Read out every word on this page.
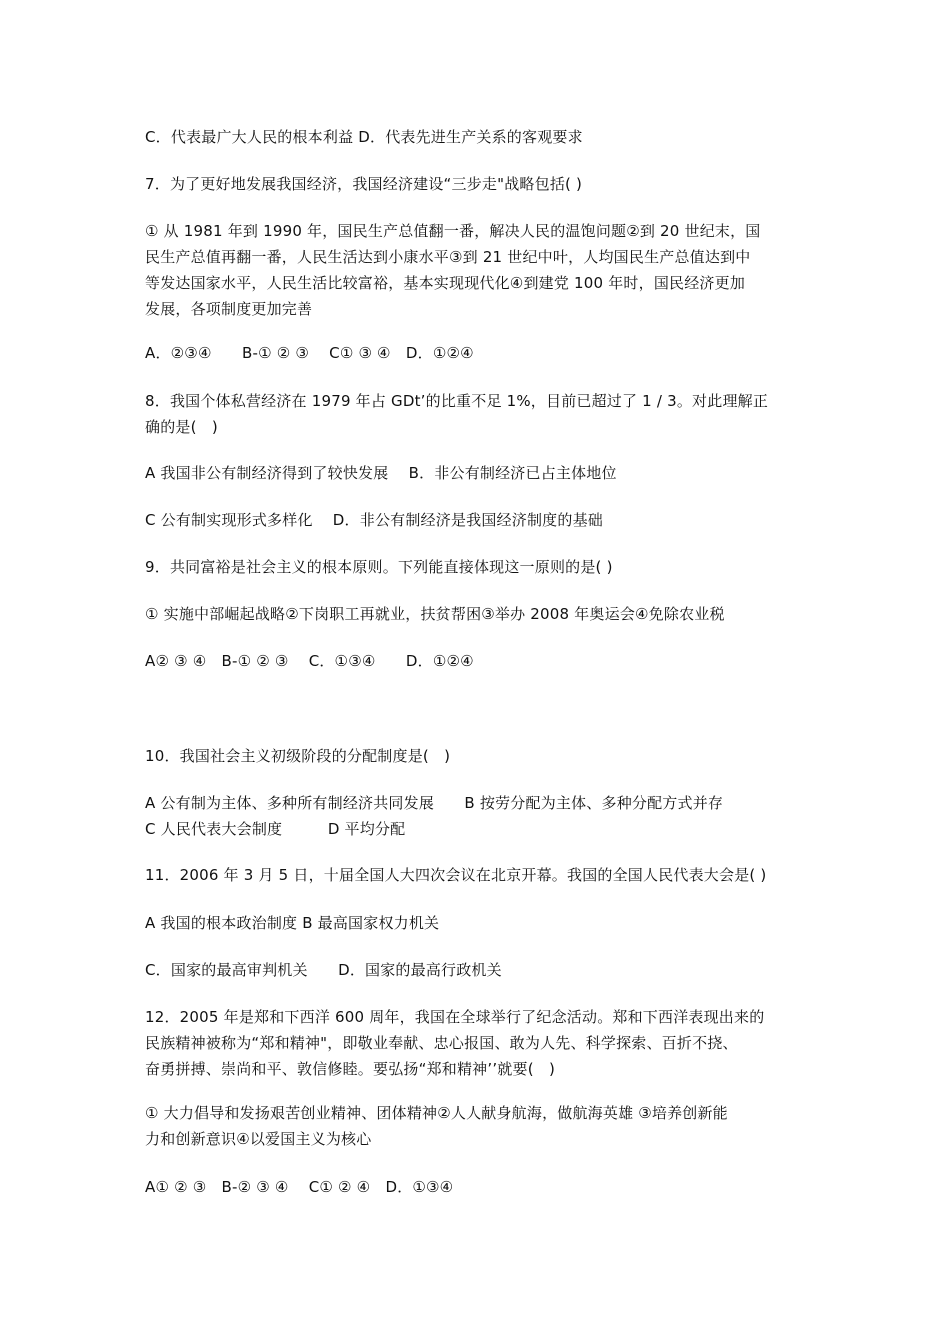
C．代表最广大人民的根本利益 D．代表先进生产关系的客观要求
7．为了更好地发展我国经济，我国经济建设“三步走"战略包括( )
① 从 1981 年到 1990 年，国民生产总值翻一番，解决人民的温饱问题②到 20 世纪末，国
民生产总值再翻一番，人民生活达到小康水平③到 21 世纪中叶，人均国民生产总值达到中
等发达国家水平，人民生活比较富裕，基本实现现代化④到建党 100 年时，国民经济更加
发展，各项制度更加完善
A．②③④　　B-① ② ③　 C① ③ ④　D．①②④
8．我国个体私营经济在 1979 年占 GDt’的比重不足 1%，目前已超过了 1 / 3。对此理解正
确的是(　)
A 我国非公有制经济得到了较快发展　 B．非公有制经济已占主体地位
C 公有制实现形式多样化　 D．非公有制经济是我国经济制度的基础
9．共同富裕是社会主义的根本原则。下列能直接体现这一原则的是( )
① 实施中部崛起战略②下岗职工再就业，扶贫帮困③举办 2008 年奥运会④免除农业税
A② ③ ④　B-① ② ③　 C．①③④　　D．①②④
10．我国社会主义初级阶段的分配制度是(　)
A 公有制为主体、多种所有制经济共同发展　　B 按劳分配为主体、多种分配方式并存
C 人民代表大会制度　　　D 平均分配
11．2006 年 3 月 5 日，十届全国人大四次会议在北京开幕。我国的全国人民代表大会是( )
A 我国的根本政治制度 B 最高国家权力机关
C．国家的最高审判机关　　D．国家的最高行政机关
12．2005 年是郑和下西洋 600 周年，我国在全球举行了纪念活动。郑和下西洋表现出来的
民族精神被称为“郑和精神"，即敬业奉献、忠心报国、敢为人先、科学探索、百折不挠、
奋勇拼搏、崇尚和平、敦信修睦。要弘扬“郑和精神’’就要(　)
① 大力倡导和发扬艰苦创业精神、团体精神②人人献身航海，做航海英雄 ③培养创新能
力和创新意识④以爱国主义为核心
A① ② ③　B-② ③ ④　 C① ② ④　D．①③④
